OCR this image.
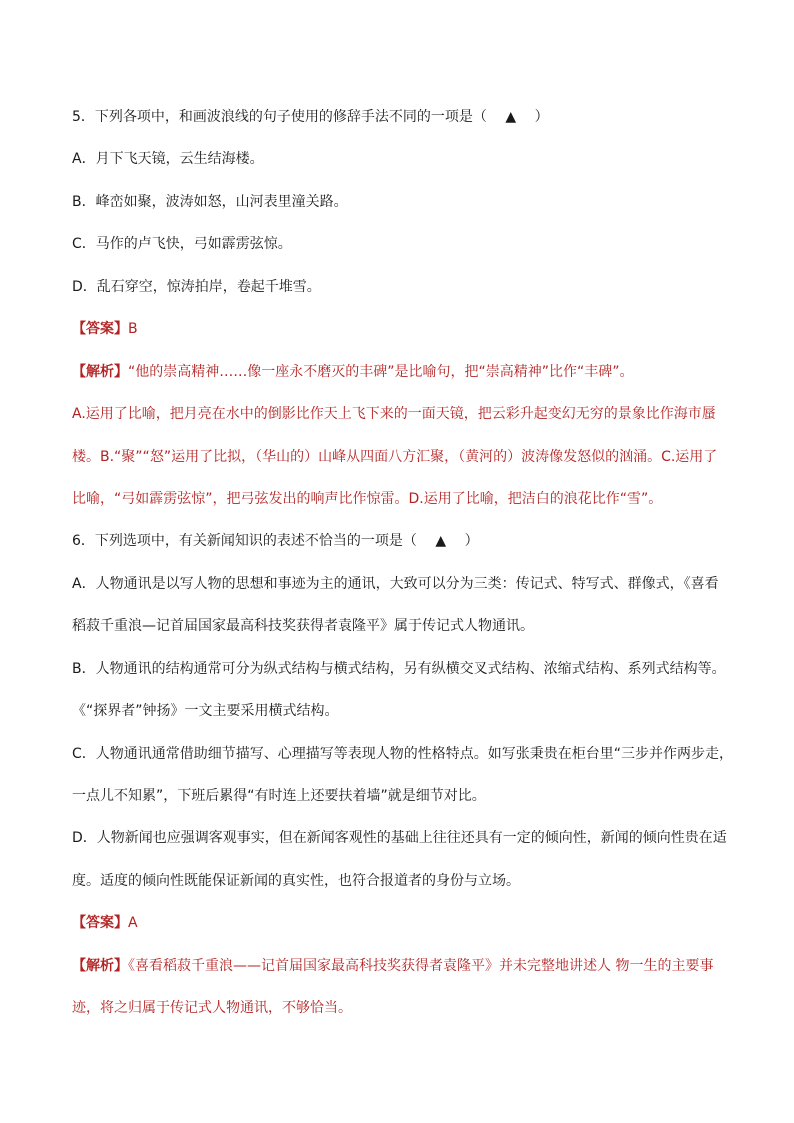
5．下列各项中，和画波浪线的句子使用的修辞手法不同的一项是（　 ▲　 ）
A．月下飞天镜，云生结海楼。
B．峰峦如聚，波涛如怒，山河表里潼关路。
C．马作的卢飞快，弓如霹雳弦惊。
D．乱石穿空，惊涛拍岸，卷起千堆雪。
【答案】B
【解析】“他的崇高精神……像一座永不磨灭的丰碑”是比喻句，把“崇高精神”比作“丰碑”。
A.运用了比喻，把月亮在水中的倒影比作天上飞下来的一面天镜，把云彩升起变幻无穷的景象比作海市蜃
楼。B.“聚”“怒”运用了比拟，（华山的）山峰从四面八方汇聚，（黄河的）波涛像发怒似的汹涌。C.运用了
比喻，“弓如霹雳弦惊”，把弓弦发出的响声比作惊雷。D.运用了比喻，把洁白的浪花比作“雪”。
6．下列选项中，有关新闻知识的表述不恰当的一项是（　 ▲　 ）
A．人物通讯是以写人物的思想和事迹为主的通讯，大致可以分为三类：传记式、特写式、群像式，《喜看
稻菽千重浪—记首届国家最高科技奖获得者袁隆平》属于传记式人物通讯。
B．人物通讯的结构通常可分为纵式结构与横式结构，另有纵横交叉式结构、浓缩式结构、系列式结构等。
《“探界者”钟扬》一文主要采用横式结构。
C．人物通讯通常借助细节描写、心理描写等表现人物的性格特点。如写张秉贵在柜台里“三步并作两步走，
一点儿不知累”，下班后累得“有时连上还要扶着墙”就是细节对比。
D．人物新闻也应强调客观事实，但在新闻客观性的基础上往往还具有一定的倾向性，新闻的倾向性贵在适
度。适度的倾向性既能保证新闻的真实性，也符合报道者的身份与立场。
【答案】A
【解析】《喜看稻菽千重浪——记首届国家最高科技奖获得者袁隆平》并未完整地讲述人 物一生的主要事
迹，将之归属于传记式人物通讯，不够恰当。
